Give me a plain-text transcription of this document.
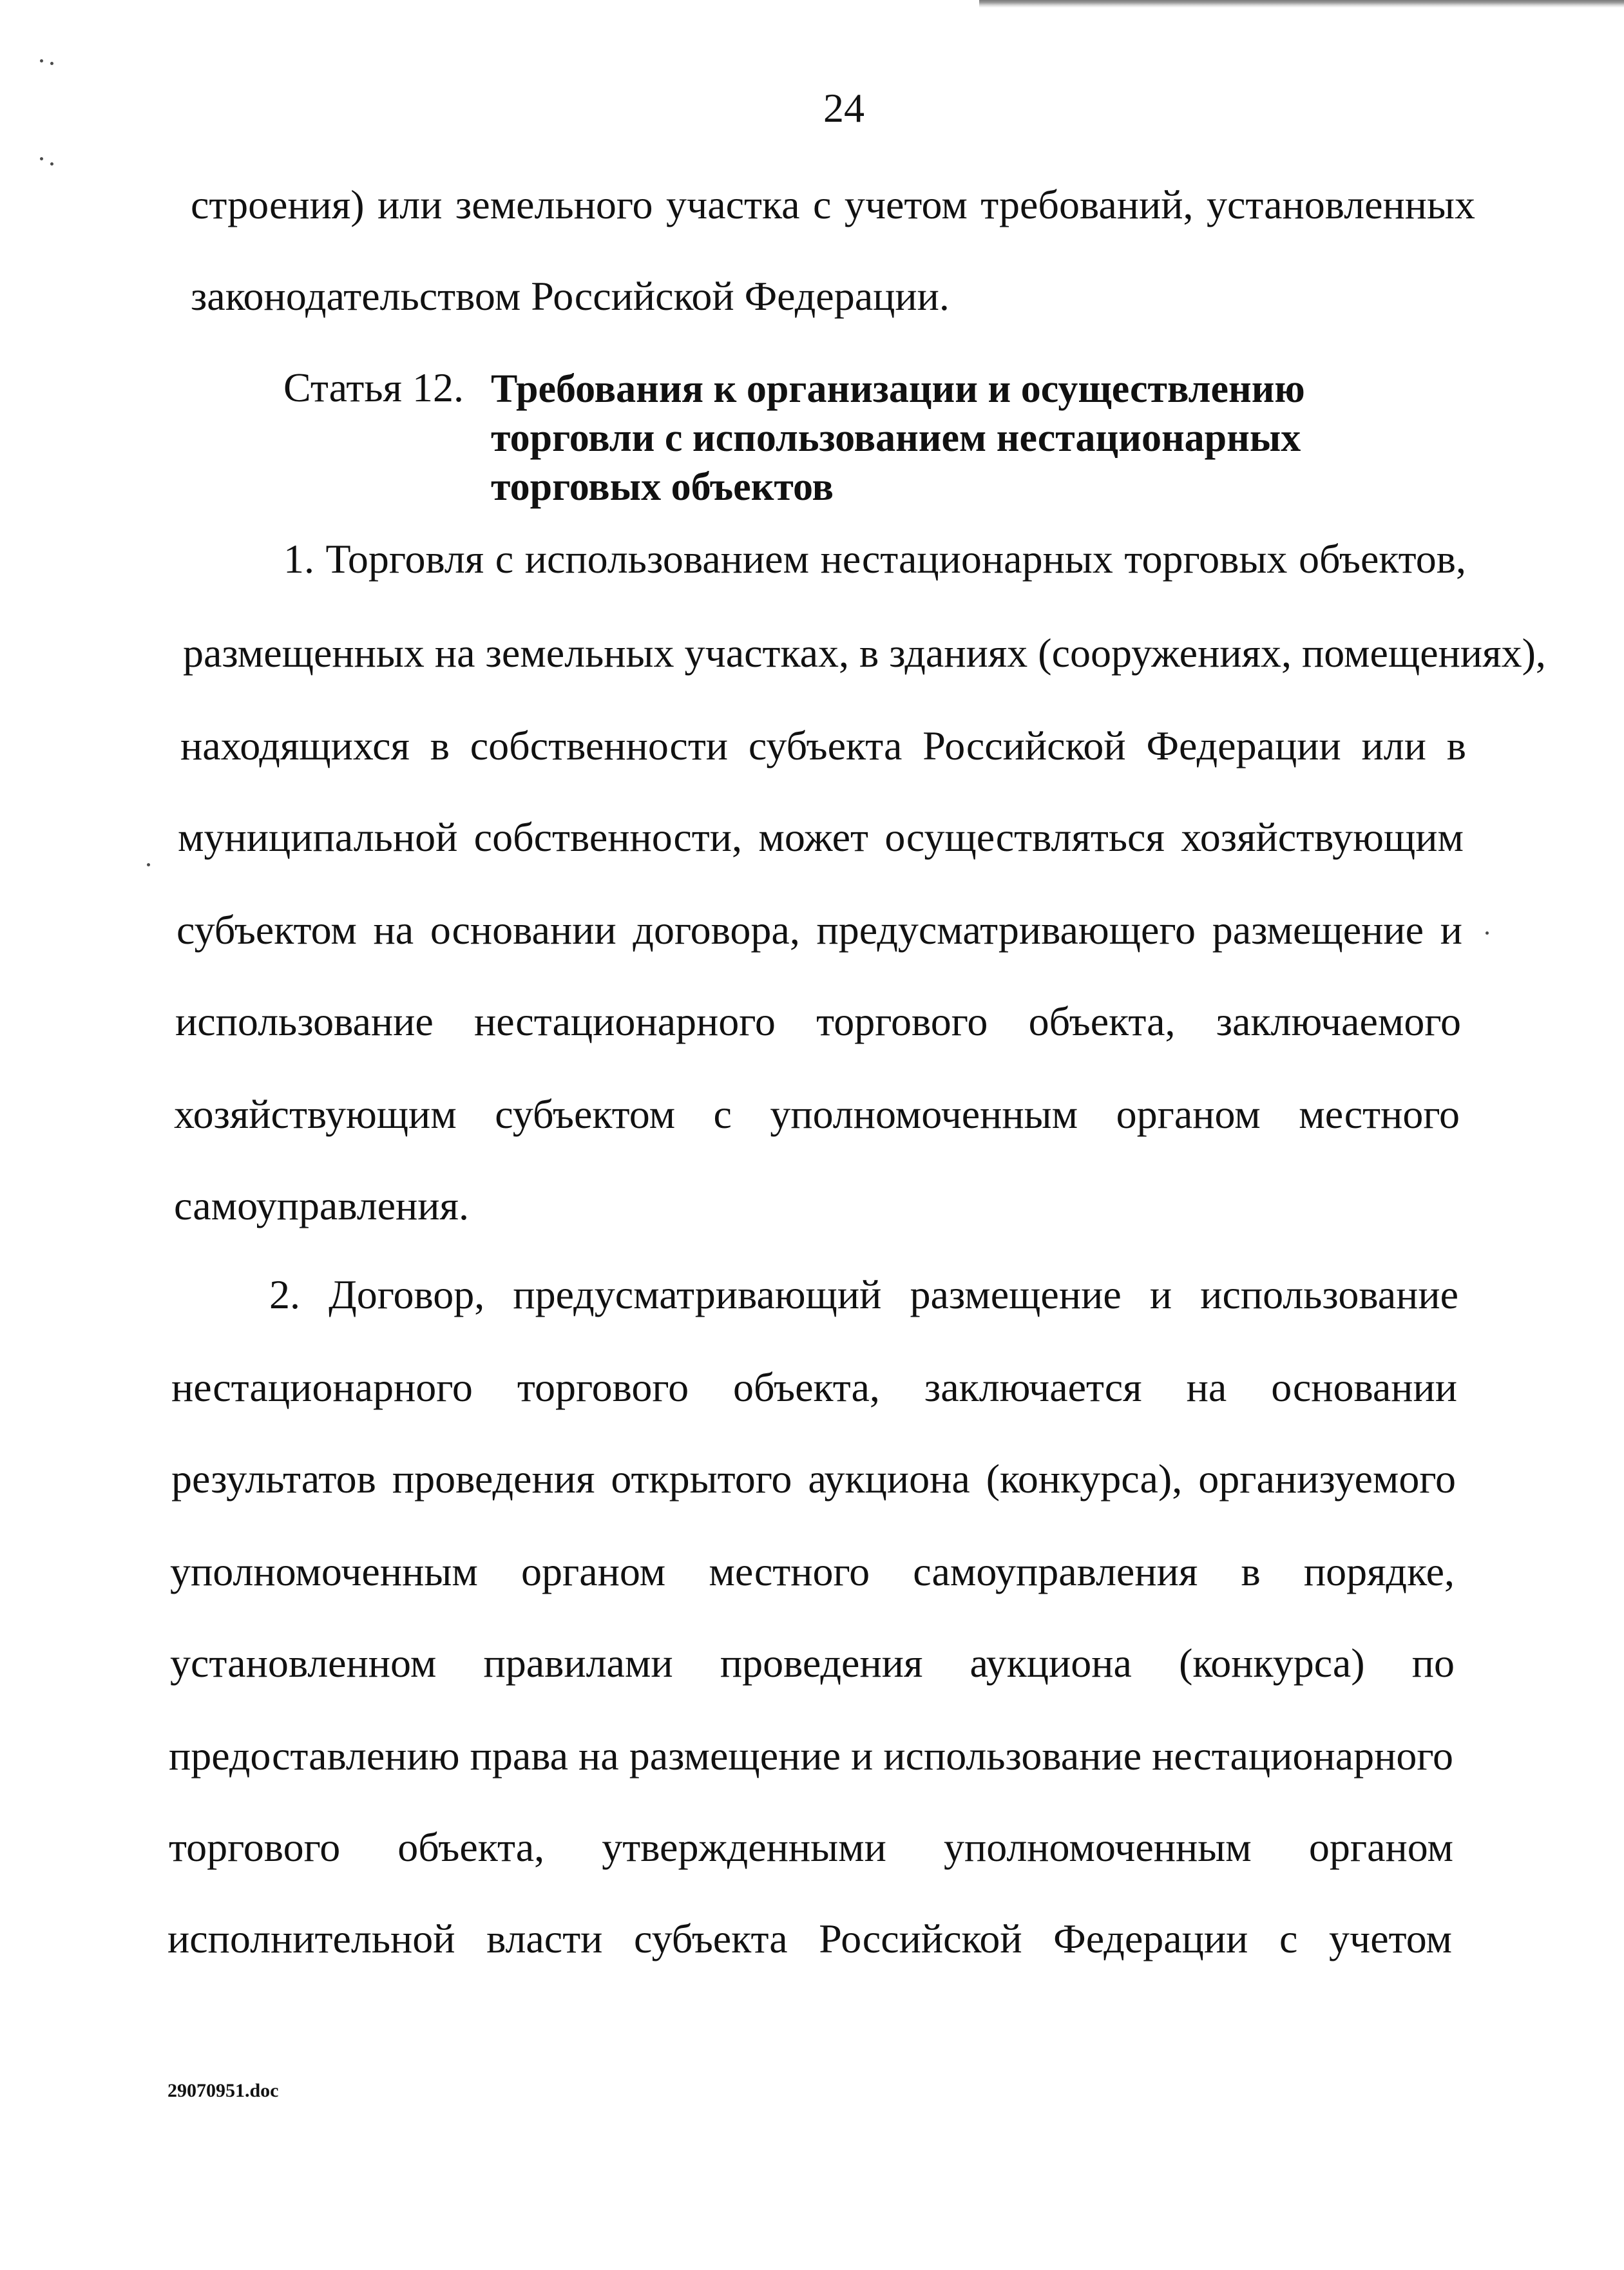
24
строения) или земельного участка с учетом требований, установленных
законодательством Российской Федерации.
Статья 12. Требования к организации и осуществлению
торговли с использованием нестационарных
торговых объектов
1. Торговля с использованием нестационарных торговых объектов,
размещенных на земельных участках, в зданиях (сооружениях, помещениях),
находящихся в собственности субъекта Российской Федерации или в
муниципальной собственности, может осуществляться хозяйствующим
субъектом на основании договора, предусматривающего размещение и
использование нестационарного торгового объекта, заключаемого
хозяйствующим субъектом с уполномоченным органом местного
самоуправления.
2. Договор, предусматривающий размещение и использование
нестационарного торгового объекта, заключается на основании
результатов проведения открытого аукциона (конкурса), организуемого
уполномоченным органом местного самоуправления в порядке,
установленном правилами проведения аукциона (конкурса) по
предоставлению права на размещение и использование нестационарного
торгового объекта, утвержденными уполномоченным органом
исполнительной власти субъекта Российской Федерации с учетом
29070951.doc
